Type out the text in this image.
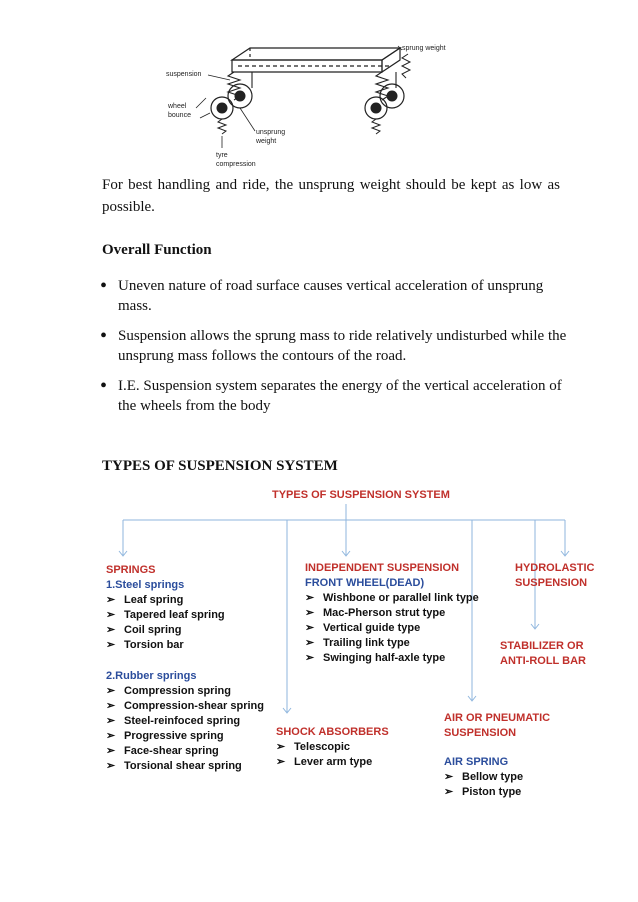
sprung weight
suspension
wheel
bounce
unsprung
weight
tyre
compression
For best handling and ride, the unsprung weight should be kept as low as possible.
Overall Function
• Uneven nature of road surface causes vertical acceleration of unsprung mass.
• Suspension allows the sprung mass to ride relatively undisturbed while the unsprung mass follows the contours of the road.
• I.E. Suspension system separates the energy of the vertical acceleration of the wheels from the body
TYPES OF SUSPENSION SYSTEM
TYPES OF SUSPENSION SYSTEM
SPRINGS
1.Steel springs
➢ Leaf spring
➢ Tapered leaf spring
➢ Coil spring
➢ Torsion bar
2.Rubber springs
➢ Compression spring
➢ Compression-shear spring
➢ Steel-reinfoced spring
➢ Progressive spring
➢ Face-shear spring
➢ Torsional shear spring
INDEPENDENT SUSPENSION
FRONT WHEEL(DEAD)
➢ Wishbone or parallel link type
➢ Mac-Pherson strut type
➢ Vertical guide type
➢ Trailing link type
➢ Swinging half-axle type
HYDROLASTIC
SUSPENSION
STABILIZER OR
ANTI-ROLL BAR
SHOCK ABSORBERS
➢ Telescopic
➢ Lever arm type
AIR OR PNEUMATIC
SUSPENSION
AIR SPRING
➢ Bellow type
➢ Piston type
